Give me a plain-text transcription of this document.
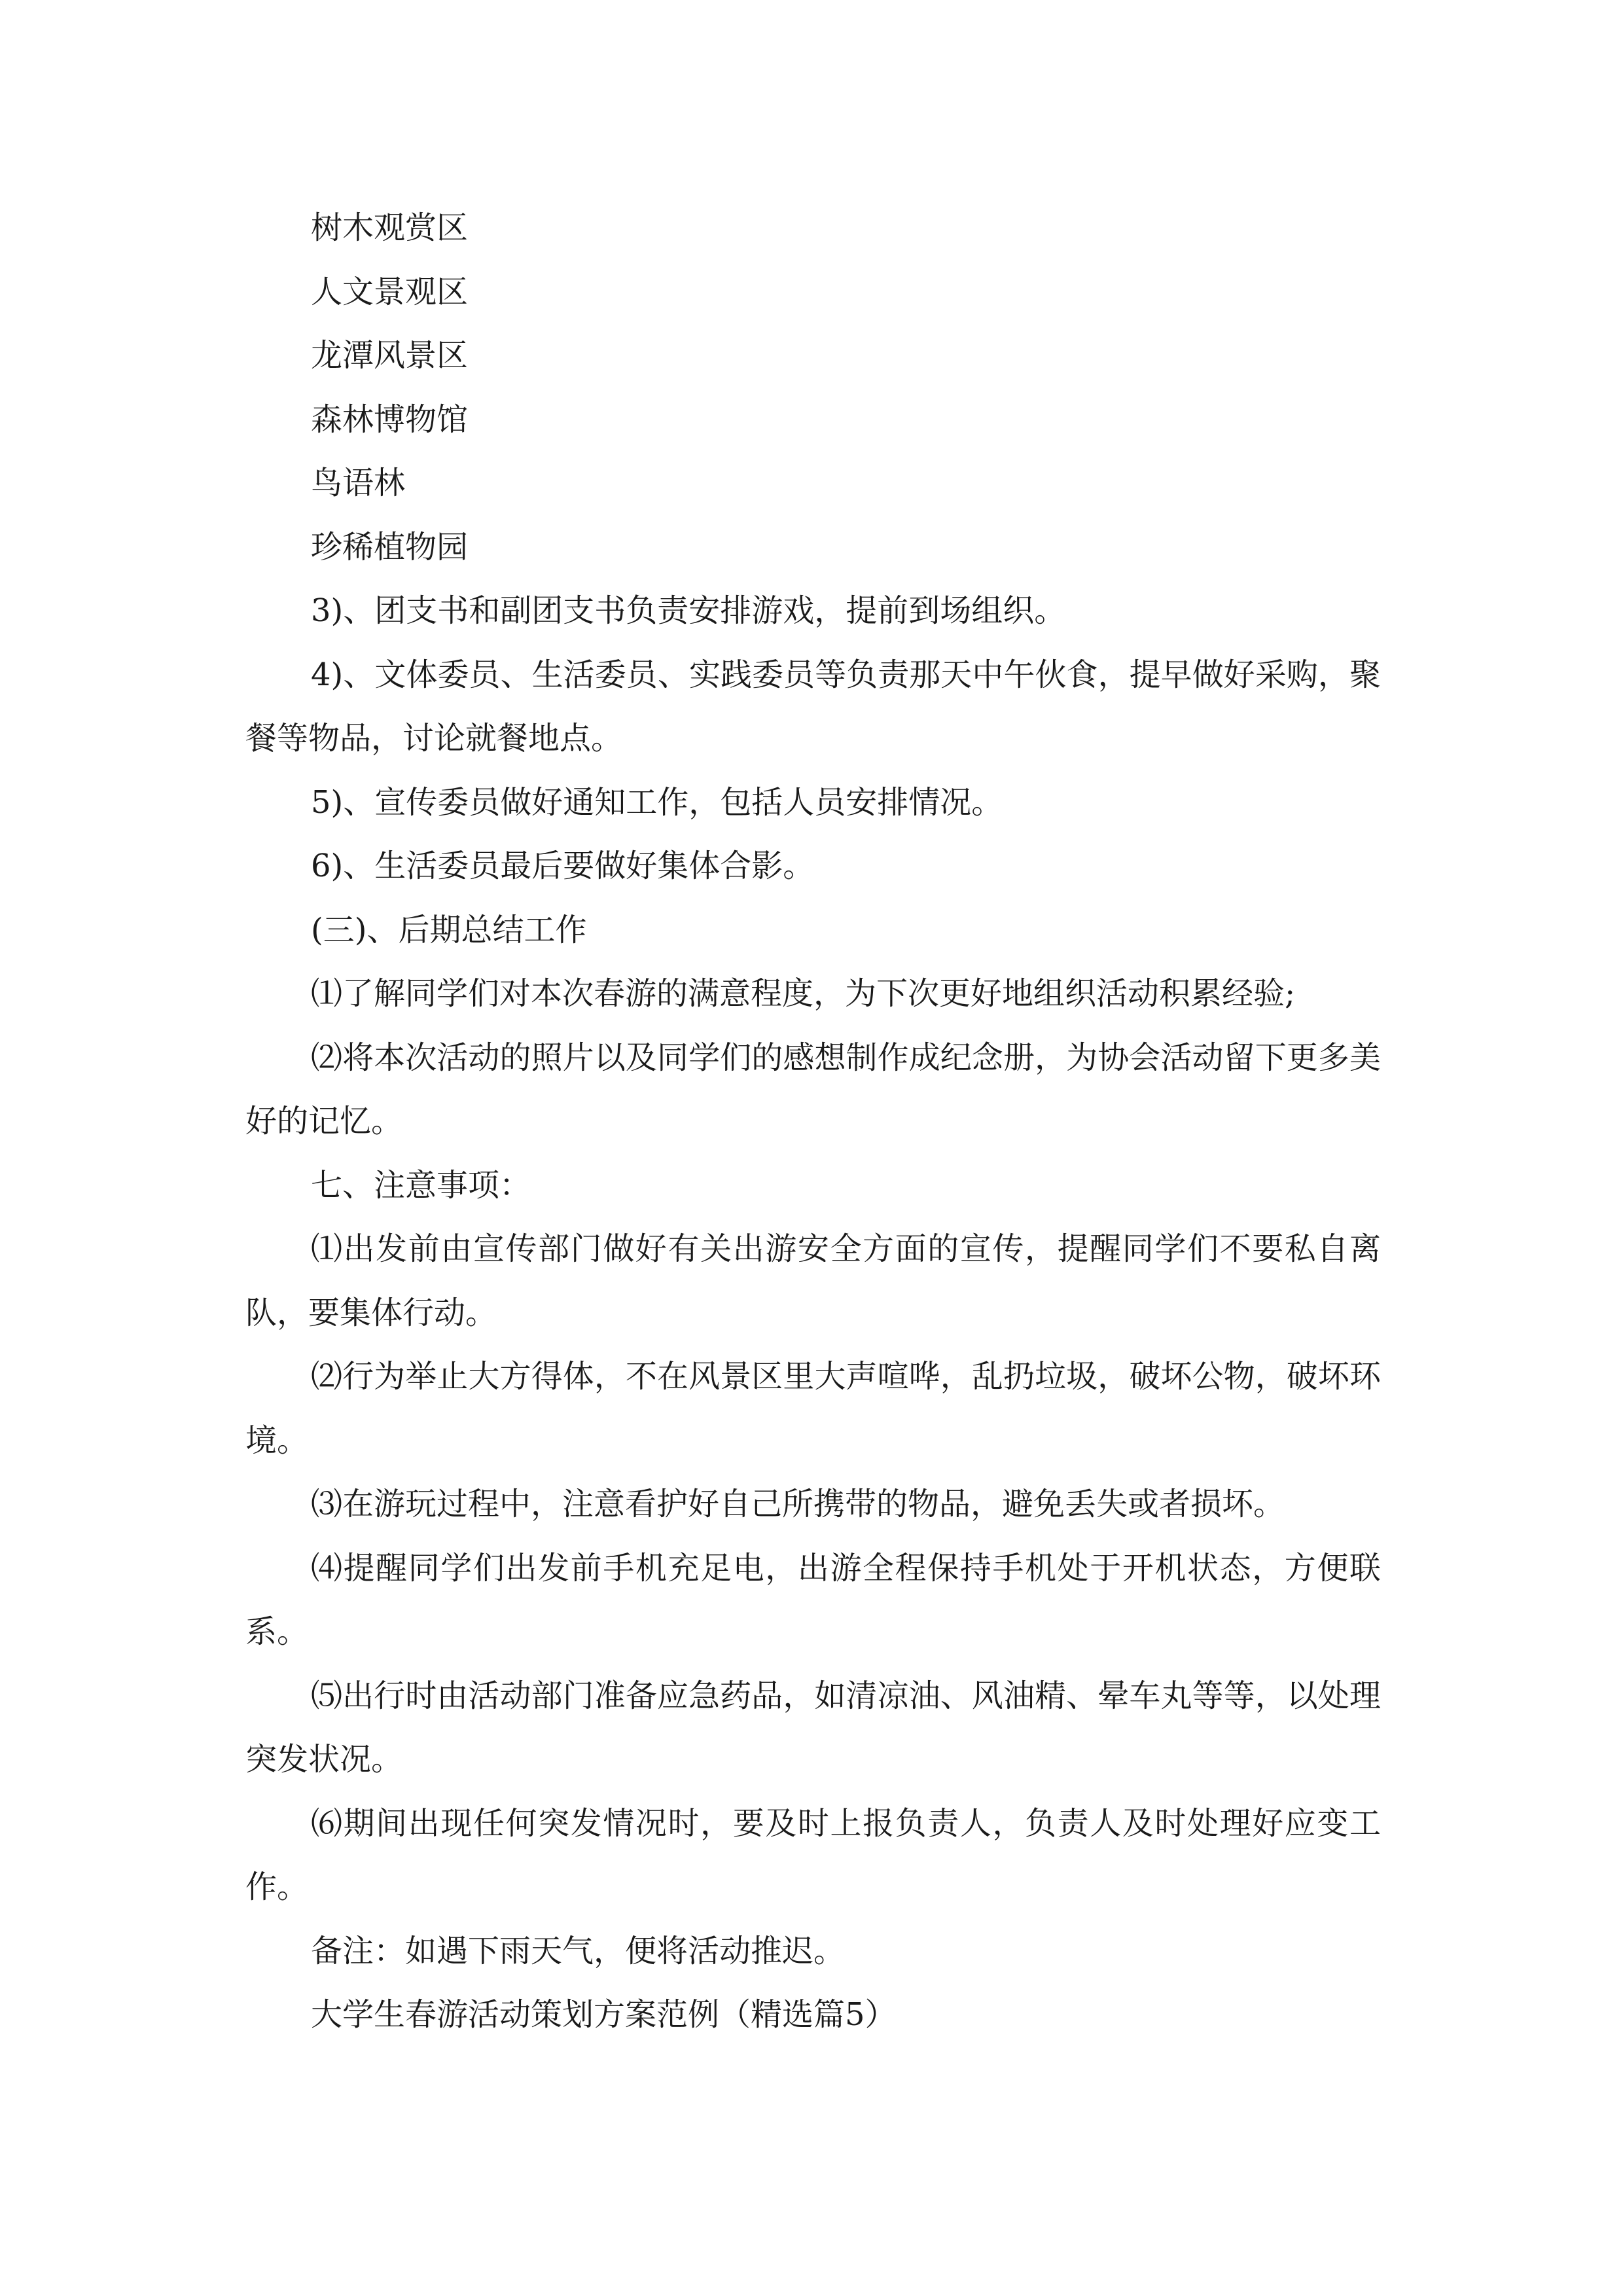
树木观赏区

人文景观区

龙潭风景区

森林博物馆

鸟语林

珍稀植物园

3)、团支书和副团支书负责安排游戏，提前到场组织。

4)、文体委员、生活委员、实践委员等负责那天中午伙食，提早做好采购，聚餐等物品，讨论就餐地点。

5)、宣传委员做好通知工作，包括人员安排情况。

6)、生活委员最后要做好集体合影。

(三)、后期总结工作

⑴了解同学们对本次春游的满意程度，为下次更好地组织活动积累经验;

⑵将本次活动的照片以及同学们的感想制作成纪念册，为协会活动留下更多美好的记忆。

七、注意事项：

⑴出发前由宣传部门做好有关出游安全方面的宣传，提醒同学们不要私自离队，要集体行动。

⑵行为举止大方得体，不在风景区里大声喧哗，乱扔垃圾，破坏公物，破坏环境。

⑶在游玩过程中，注意看护好自己所携带的物品，避免丢失或者损坏。

⑷提醒同学们出发前手机充足电，出游全程保持手机处于开机状态，方便联系。

⑸出行时由活动部门准备应急药品，如清凉油、风油精、晕车丸等等，以处理突发状况。

⑹期间出现任何突发情况时，要及时上报负责人，负责人及时处理好应变工作。

备注：如遇下雨天气，便将活动推迟。

大学生春游活动策划方案范例（精选篇5）
